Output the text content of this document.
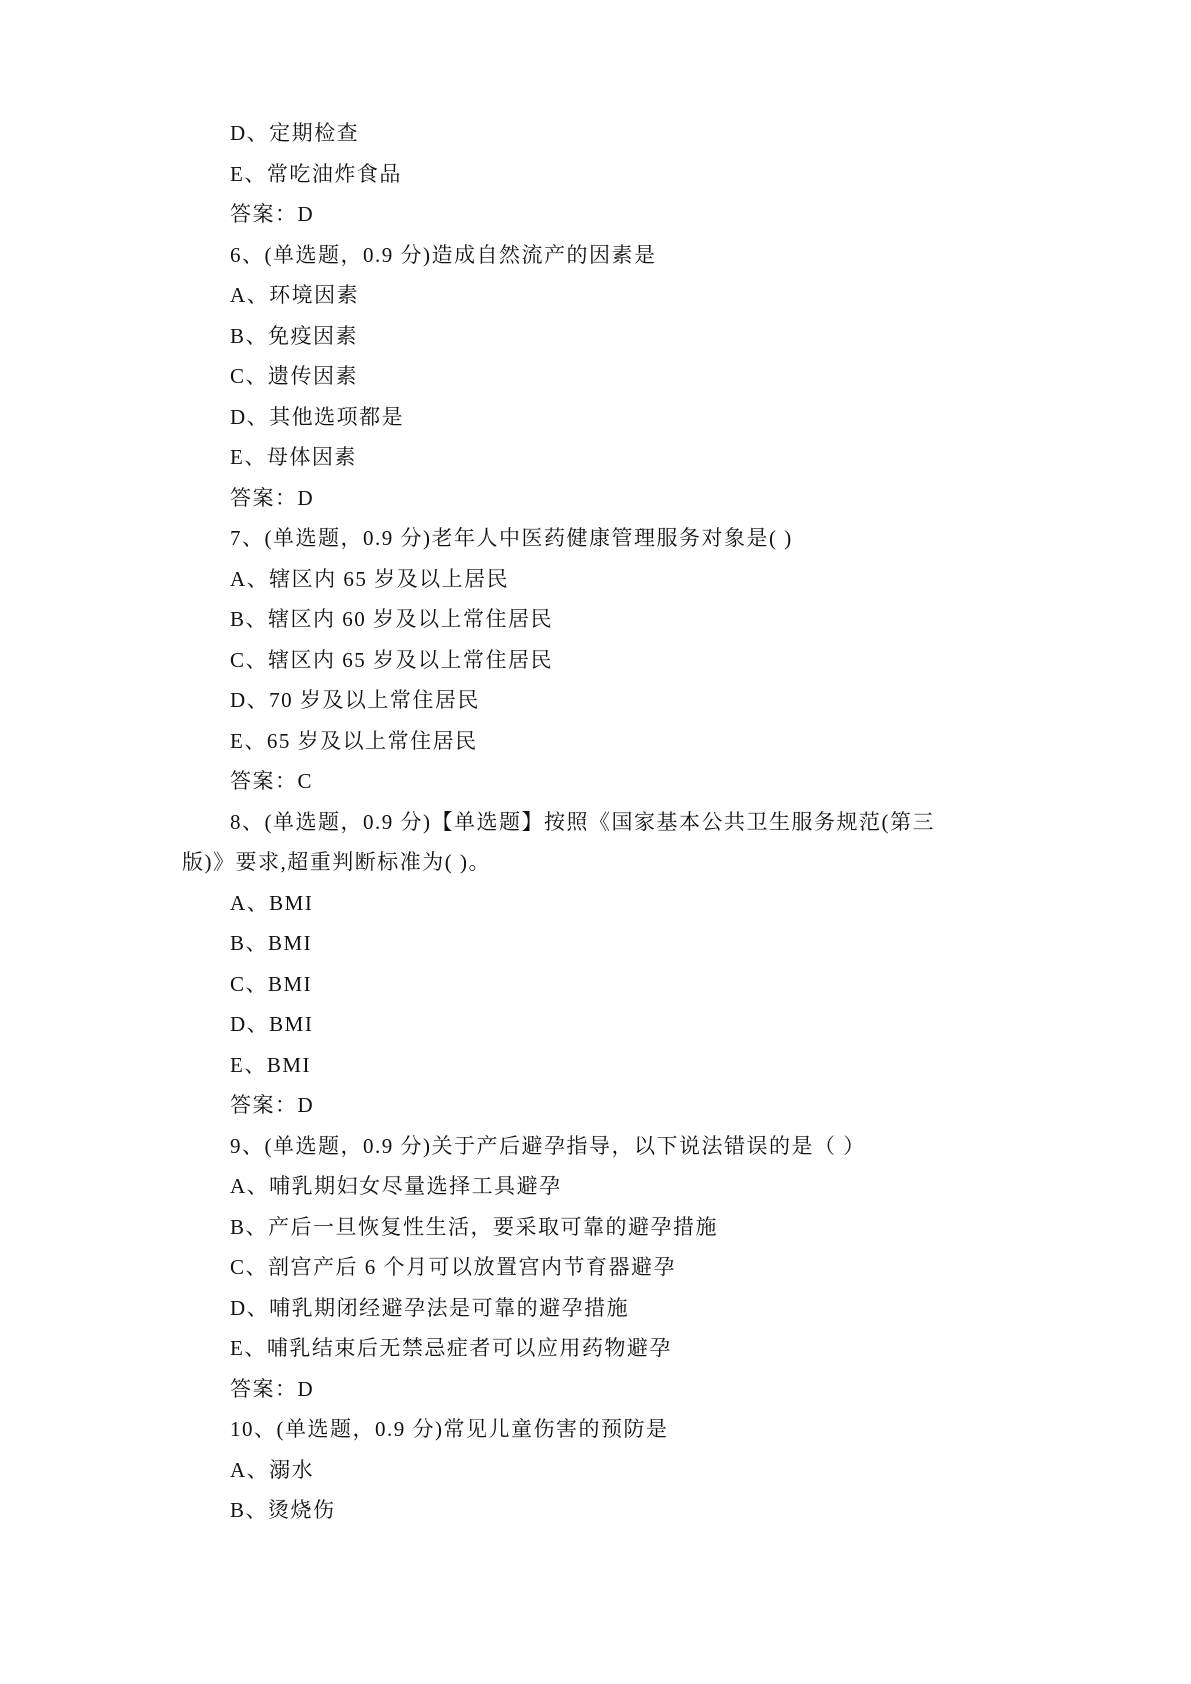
D、定期检查
E、常吃油炸食品
答案：D
6、(单选题，0.9 分)造成自然流产的因素是
A、环境因素
B、免疫因素
C、遗传因素
D、其他选项都是
E、母体因素
答案：D
7、(单选题，0.9 分)老年人中医药健康管理服务对象是( )
A、辖区内 65 岁及以上居民
B、辖区内 60 岁及以上常住居民
C、辖区内 65 岁及以上常住居民
D、70 岁及以上常住居民
E、65 岁及以上常住居民
答案：C
8、(单选题，0.9 分)【单选题】按照《国家基本公共卫生服务规范(第三
版)》要求,超重判断标准为( )。
A、BMI
B、BMI
C、BMI
D、BMI
E、BMI
答案：D
9、(单选题，0.9 分)关于产后避孕指导，以下说法错误的是（ ）
A、哺乳期妇女尽量选择工具避孕
B、产后一旦恢复性生活，要采取可靠的避孕措施
C、剖宫产后 6 个月可以放置宫内节育器避孕
D、哺乳期闭经避孕法是可靠的避孕措施
E、哺乳结束后无禁忌症者可以应用药物避孕
答案：D
10、(单选题，0.9 分)常见儿童伤害的预防是
A、溺水
B、烫烧伤
